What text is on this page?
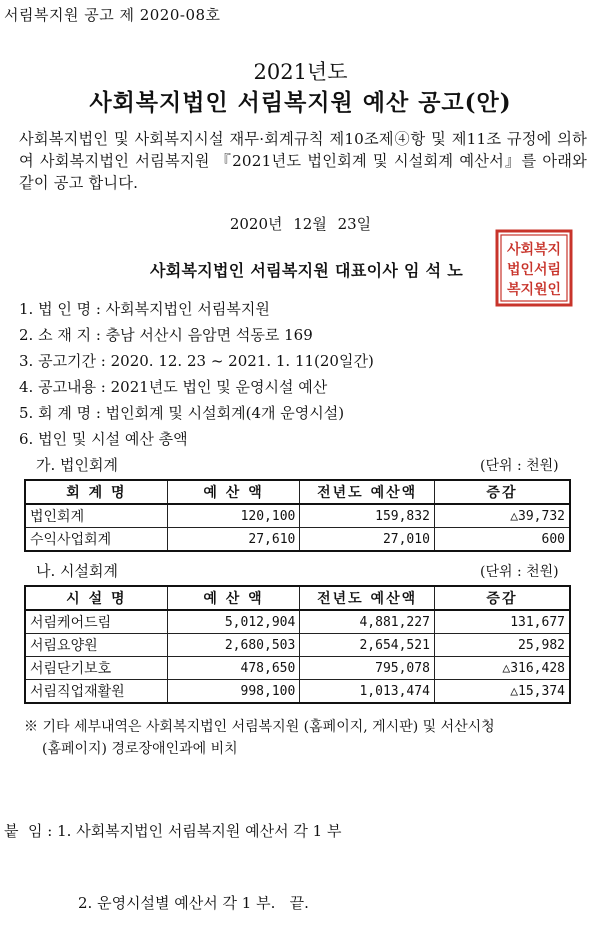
서림복지원 공고 제 2020-08호
2021년도
사회복지법인 서림복지원 예산 공고(안)
사회복지법인 및 사회복지시설 재무·회계규칙 제10조제④항 및 제11조 규정에 의하여 사회복지법인 서림복지원 『2021년도 법인회계 및 시설회계 예산서』를 아래와 같이 공고 합니다.
2020년 12월 23일
사회복지법인 서림복지원 대표이사 임 석 노
사회복지
법인서림
복지원인
1. 법 인 명 : 사회복지법인 서림복지원
2. 소 재 지 : 충남 서산시 음암면 석동로 169
3. 공고기간 : 2020. 12. 23 ~ 2021. 1. 11(20일간)
4. 공고내용 : 2021년도 법인 및 운영시설 예산
5. 회 계 명 : 법인회계 및 시설회계(4개 운영시설)
6. 법인 및 시설 예산 총액
가. 법인회계	(단위 : 천원)
회 계 명	예 산 액	전년도 예산액	증감
법인회계	120,100	159,832	△39,732
수익사업회계	27,610	27,010	600
나. 시설회계	(단위 : 천원)
시 설 명	예 산 액	전년도 예산액	증감
서림케어드림	5,012,904	4,881,227	131,677
서림요양원	2,680,503	2,654,521	25,982
서림단기보호	478,650	795,078	△316,428
서림직업재활원	998,100	1,013,474	△15,374
※ 기타 세부내역은 사회복지법인 서림복지원 (홈페이지, 게시판) 및 서산시청
(홈페이지) 경로장애인과에 비치

붙  임 : 1. 사회복지법인 서림복지원 예산서 각 1 부

2. 운영시설별 예산서 각 1 부.   끝.
